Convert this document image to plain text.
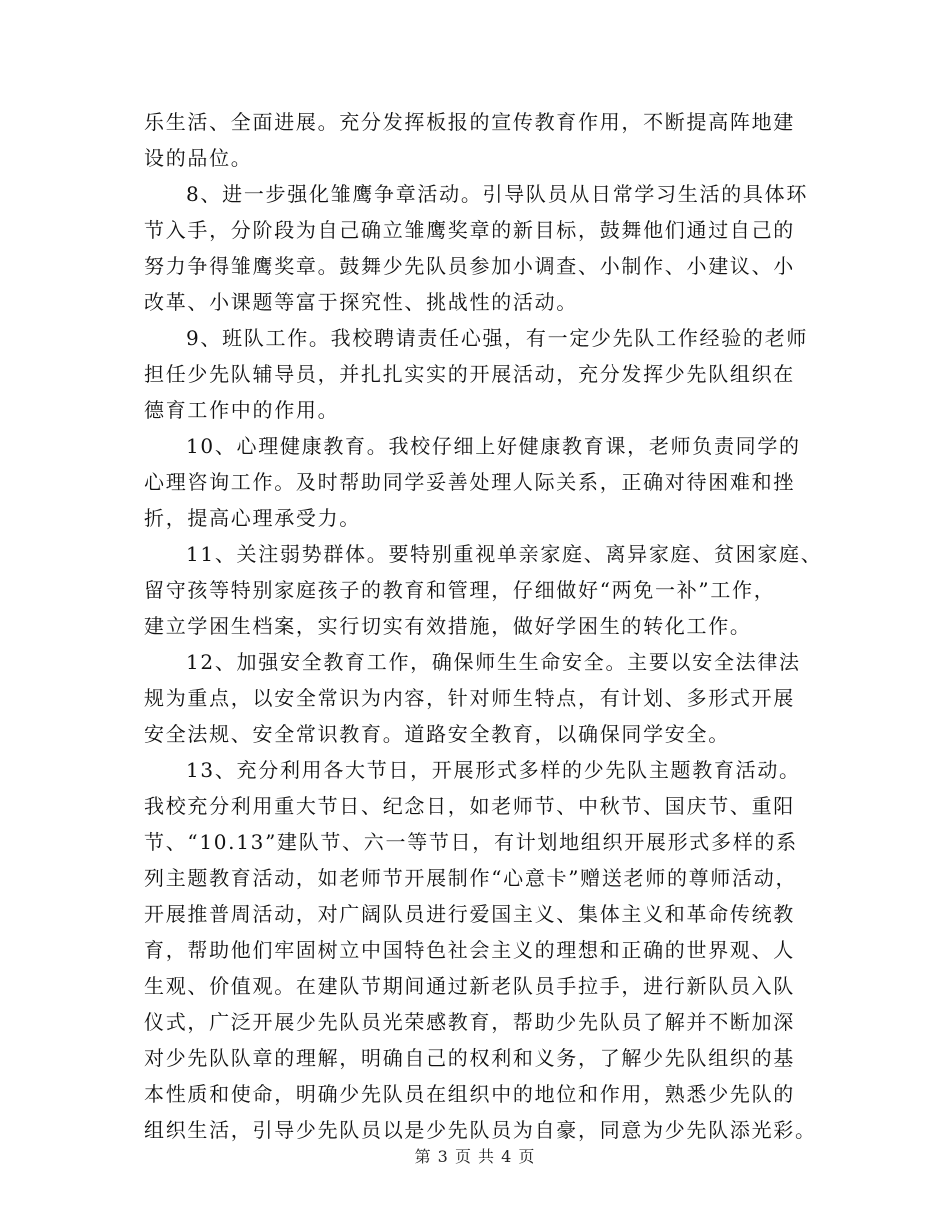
乐生活、全面进展。充分发挥板报的宣传教育作用，不断提高阵地建
设的品位。
8、进一步强化雏鹰争章活动。引导队员从日常学习生活的具体环
节入手，分阶段为自己确立雏鹰奖章的新目标，鼓舞他们通过自己的
努力争得雏鹰奖章。鼓舞少先队员参加小调查、小制作、小建议、小
改革、小课题等富于探究性、挑战性的活动。
9、班队工作。我校聘请责任心强，有一定少先队工作经验的老师
担任少先队辅导员，并扎扎实实的开展活动，充分发挥少先队组织在
德育工作中的作用。
10、心理健康教育。我校仔细上好健康教育课，老师负责同学的
心理咨询工作。及时帮助同学妥善处理人际关系，正确对待困难和挫
折，提高心理承受力。
11、关注弱势群体。要特别重视单亲家庭、离异家庭、贫困家庭、
留守孩等特别家庭孩子的教育和管理，仔细做好“两免一补”工作，
建立学困生档案，实行切实有效措施，做好学困生的转化工作。
12、加强安全教育工作，确保师生生命安全。主要以安全法律法
规为重点，以安全常识为内容，针对师生特点，有计划、多形式开展
安全法规、安全常识教育。道路安全教育，以确保同学安全。
13、充分利用各大节日，开展形式多样的少先队主题教育活动。
我校充分利用重大节日、纪念日，如老师节、中秋节、国庆节、重阳
节、“10.13”建队节、六一等节日，有计划地组织开展形式多样的系
列主题教育活动，如老师节开展制作“心意卡”赠送老师的尊师活动，
开展推普周活动，对广阔队员进行爱国主义、集体主义和革命传统教
育，帮助他们牢固树立中国特色社会主义的理想和正确的世界观、人
生观、价值观。在建队节期间通过新老队员手拉手，进行新队员入队
仪式，广泛开展少先队员光荣感教育，帮助少先队员了解并不断加深
对少先队队章的理解，明确自己的权利和义务，了解少先队组织的基
本性质和使命，明确少先队员在组织中的地位和作用，熟悉少先队的
组织生活，引导少先队员以是少先队员为自豪，同意为少先队添光彩。
第 3 页 共 4 页
